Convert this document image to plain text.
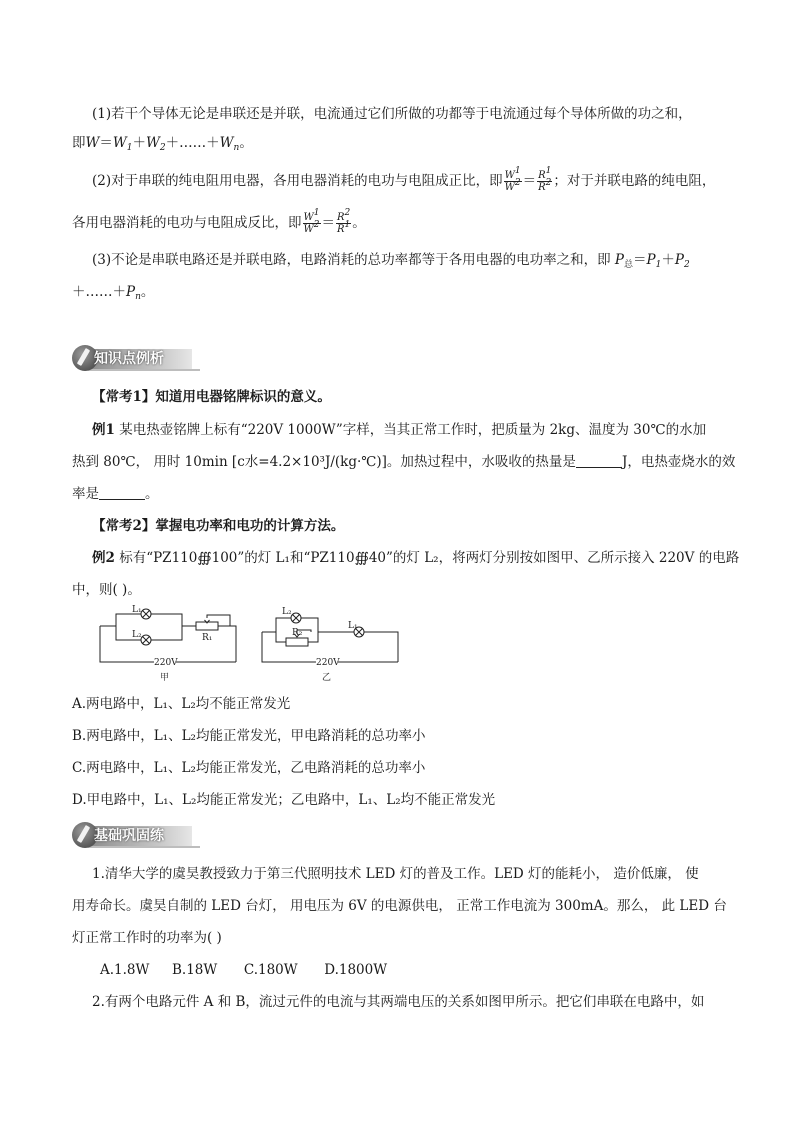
(1)若干个导体无论是串联还是并联，电流通过它们所做的功都等于电流通过每个导体所做的功之和，
即$W=W_1+W_2+\dots\dots+W_n$。
(2)对于串联的纯电阻用电器，各用电器消耗的电功与电阻成正比，即 $\frac{W^1}{W^2} = \frac{R^1}{R^2}$ ；对于并联电路的纯电阻，
各用电器消耗的电功与电阻成反比，即 $\frac{W^1}{W^2} = \frac{R^2}{R^1}$ 。
(3)不论是串联电路还是并联电路，电路消耗的总功率都等于各用电器的电功率之和，即 $P_总=P_1+P_2$
$+\dots\dots+P_n$。
知识点例析
【常考1】知道用电器铭牌标识的意义。
例1 某电热壶铭牌上标有“220V 1000W”字样，当其正常工作时，把质量为 2kg、温度为 30℃的水加
热到 80℃， 用时 10min [c水=4.2×10³J/(kg·℃)]。加热过程中，水吸收的热量是	J，电热壶烧水的效
率是	。
【常考2】掌握电功率和电功的计算方法。
例2 标有“PZ110∰100”的灯 L₁和“PZ110∰40”的灯 L₂，将两灯分别按如图甲、乙所示接入 220V 的电路
中，则( )。
L₁
L₂	R₁
220V
甲
L₂
R₂
L₁
220V
乙
A.两电路中，L₁、L₂均不能正常发光
B.两电路中，L₁、L₂均能正常发光，甲电路消耗的总功率小
C.两电路中，L₁、L₂均能正常发光，乙电路消耗的总功率小
D.甲电路中，L₁、L₂均能正常发光；乙电路中，L₁、L₂均不能正常发光
基础巩固练
1.清华大学的虞昊教授致力于第三代照明技术 LED 灯的普及工作。LED 灯的能耗小， 造价低廉， 使
用寿命长。虞昊自制的 LED 台灯， 用电压为 6V 的电源供电， 正常工作电流为 300mA。那么， 此 LED 台
灯正常工作时的功率为( )
A.1.8W B.18W C.180W D.1800W
2.有两个电路元件 A 和 B，流过元件的电流与其两端电压的关系如图甲所示。把它们串联在电路中，如
